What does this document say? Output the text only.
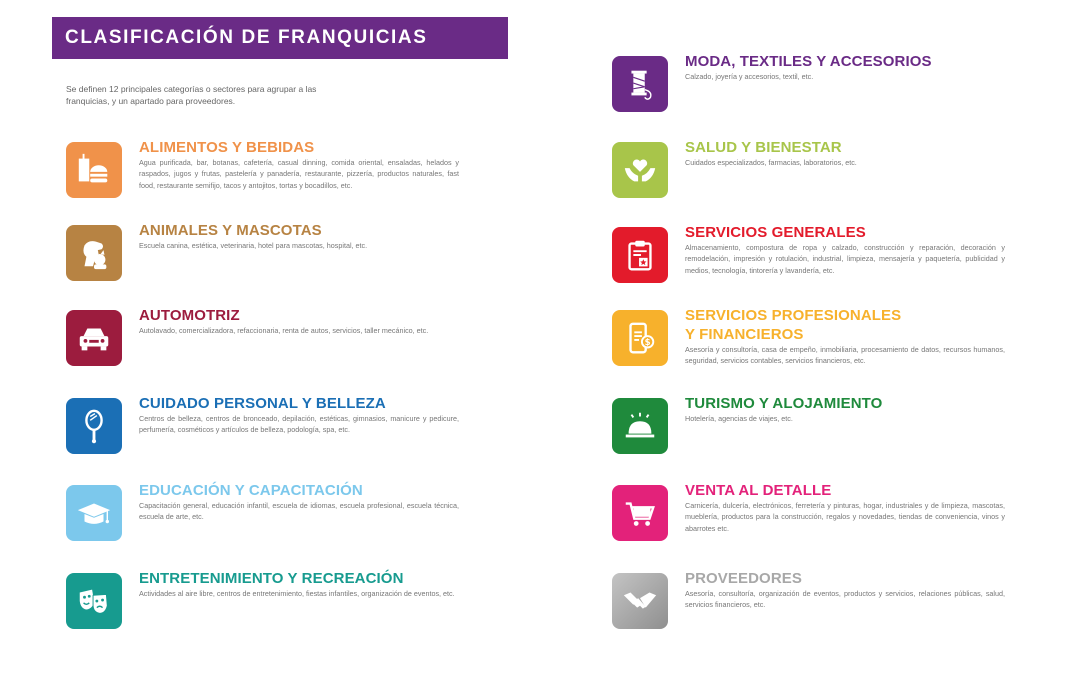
CLASIFICACIÓN DE FRANQUICIAS

Se definen 12 principales categorías o sectores para agrupar a las franquicias, y un apartado para proveedores.

ALIMENTOS Y BEBIDAS

Agua purificada, bar, botanas, cafetería, casual dinning, comida oriental, ensaladas, helados y raspados, jugos y frutas, pastelería y panadería, restaurante, pizzería, productos naturales, fast food, restaurante semifijo, tacos y antojitos, tortas y bocadillos, etc.

ANIMALES Y MASCOTAS

Escuela canina, estética, veterinaria, hotel para mascotas, hospital, etc.

AUTOMOTRIZ

Autolavado, comercializadora, refaccionaria, renta de autos, servicios, taller mecánico, etc.

CUIDADO PERSONAL Y BELLEZA

Centros de belleza, centros de bronceado, depilación, estéticas, gimnasios, manicure y pedicure, perfumería, cosméticos y artículos de belleza, podología, spa, etc.

EDUCACIÓN Y CAPACITACIÓN

Capacitación general, educación infantil, escuela de idiomas, escuela profesional, escuela técnica, escuela de arte, etc.

ENTRETENIMIENTO Y RECREACIÓN

Actividades al aire libre, centros de entretenimiento, fiestas infantiles, organización de eventos, etc.

MODA, TEXTILES Y ACCESORIOS

Calzado, joyería y accesorios, textil, etc.

SALUD Y BIENESTAR

Cuidados especializados, farmacias, laboratorios, etc.

SERVICIOS GENERALES

Almacenamiento, compostura de ropa y calzado, construcción y reparación, decoración y remodelación, impresión y rotulación, industrial, limpieza, mensajería y paquetería, publicidad y medios, tecnología, tintorería y lavandería, etc.

$
SERVICIOS PROFESIONALES Y FINANCIEROS

Asesoría y consultoría, casa de empeño, inmobiliaria, procesamiento de datos, recursos humanos, seguridad, servicios contables, servicios financieros, etc.

TURISMO Y ALOJAMIENTO

Hotelería, agencias de viajes, etc.

VENTA AL DETALLE

Carnicería, dulcería, electrónicos, ferretería y pinturas, hogar, industriales y de limpieza, mascotas, mueblería, productos para la construcción, regalos y novedades, tiendas de conveniencia, vinos y abarrotes etc.

PROVEEDORES

Asesoría, consultoría, organización de eventos, productos y servicios, relaciones públicas, salud, servicios financieros, etc.
